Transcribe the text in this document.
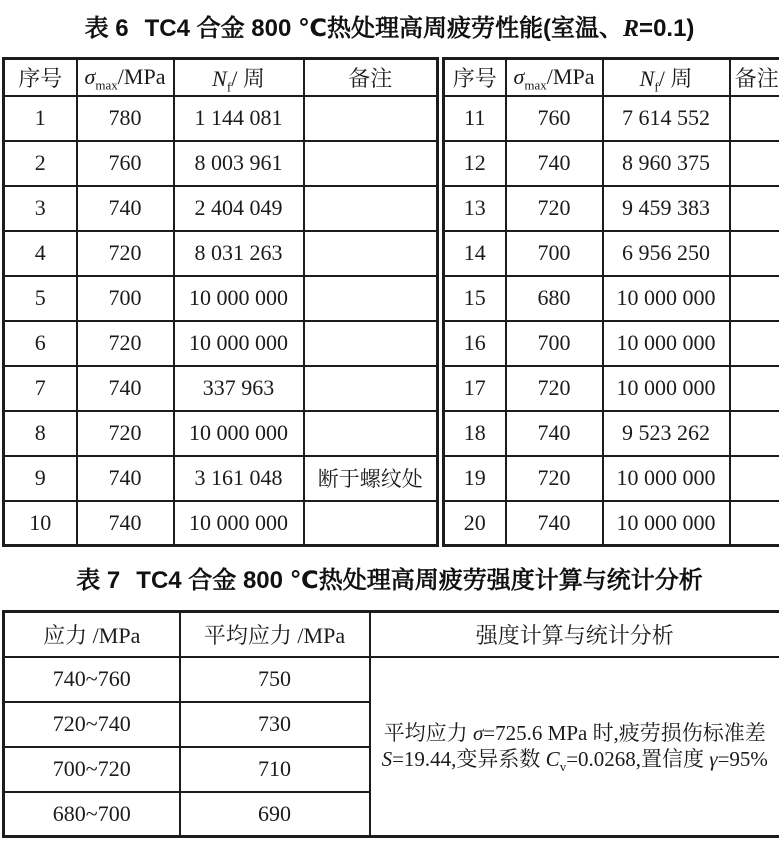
表 6 TC4 合金 800 ℃热处理高周疲劳性能(室温、R=0.1)
序号	$\sigma_{max}$/MPa	$N_f/$ 周	备注
1	780	1 144 081	
2	760	8 003 961	
3	740	2 404 049	
4	720	8 031 263	
5	700	10 000 000	
6	720	10 000 000	
7	740	337 963	
8	720	10 000 000	
9	740	3 161 048	断于螺纹处
10	740	10 000 000	
序号	$\sigma_{max}$/MPa	$N_f/$ 周	备注
11	760	7 614 552	
12	740	8 960 375	
13	720	9 459 383	
14	700	6 956 250	
15	680	10 000 000	
16	700	10 000 000	
17	720	10 000 000	
18	740	9 523 262	
19	720	10 000 000	
20	740	10 000 000	
表 7 TC4 合金 800 ℃热处理高周疲劳强度计算与统计分析
应力 /MPa	平均应力 /MPa	强度计算与统计分析
740~760	750	平均应力 σ=725.6 MPa 时,疲劳损伤标准差 S=19.44,变异系数 $C_v=0.0268$,置信度 γ=95%
720~740	730	
700~720	710	
680~700	690	
